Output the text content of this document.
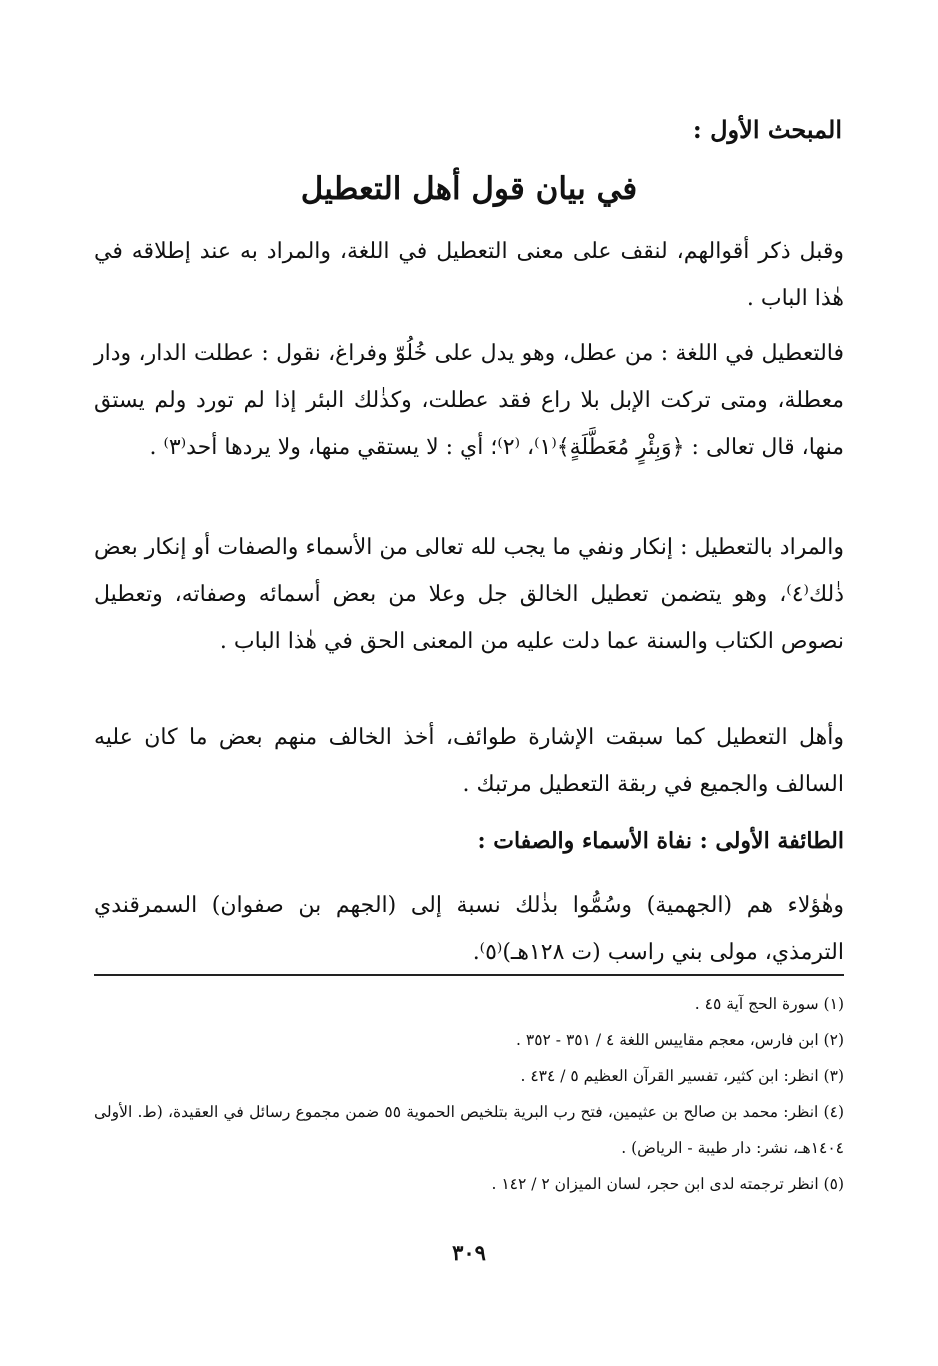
المبحث الأول :
في بيان قول أهل التعطيل

وقبل ذكر أقوالهم، لنقف على معنى التعطيل في اللغة، والمراد به عند إطلاقه في هٰذا الباب .

فالتعطيل في اللغة : من عطل، وهو يدل على خُلُوّ وفراغ، نقول : عطلت الدار، ودار معطلة، ومتى تركت الإبل بلا راع فقد عطلت، وكذٰلك البئر إذا لم تورد ولم يستق منها، قال تعالى : ﴿وَبِئْرٍ مُعَطَّلَةٍ﴾⁽١⁾، ⁽٢⁾؛ أي : لا يستقي منها، ولا يردها أحد⁽٣⁾ .

والمراد بالتعطيل : إنكار ونفي ما يجب لله تعالى من الأسماء والصفات أو إنكار بعض ذٰلك⁽٤⁾، وهو يتضمن تعطيل الخالق جل وعلا من بعض أسمائه وصفاته، وتعطيل نصوص الكتاب والسنة عما دلت عليه من المعنى الحق في هٰذا الباب .

وأهل التعطيل كما سبقت الإشارة طوائف، أخذ الخالف منهم بعض ما كان عليه السالف والجميع في ربقة التعطيل مرتبك .

الطائفة الأولى : نفاة الأسماء والصفات :

وهٰؤلاء هم (الجهمية) وسُمُّوا بذٰلك نسبة إلى (الجهم بن صفوان) السمرقندي الترمذي، مولى بني راسب (ت ١٢٨هـ)⁽٥⁾.

(١) سورة الحج آية ٤٥ .
(٢) ابن فارس، معجم مقاييس اللغة ٤ / ٣٥١ - ٣٥٢ .
(٣) انظر: ابن كثير، تفسير القرآن العظيم ٥ / ٤٣٤ .
(٤) انظر: محمد بن صالح بن عثيمين، فتح رب البرية بتلخيص الحموية ٥٥ ضمن مجموع رسائل في العقيدة، (ط. الأولى ١٤٠٤هـ، نشر: دار طيبة - الرياض) .
(٥) انظر ترجمته لدى ابن حجر، لسان الميزان ٢ / ١٤٢ .
٣٠٩
